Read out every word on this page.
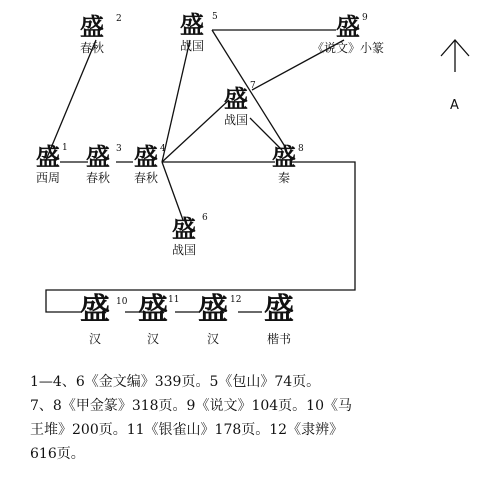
A
盛
西周
1
盛
春秋
2
盛
春秋
3 盛
春秋
4
盛
战国
5
盛
战国
6
盛
战国
7
盛
秦
8
盛
《说文》小篆
9
盛
汉
10 盛
汉
11 盛
汉
12 盛
楷书

1—4、6《金文编》339页。5《包山》74页。

7、8《甲金篆》318页。9《说文》104页。10《马

王堆》200页。11《银雀山》178页。12《隶辨》

616页。
